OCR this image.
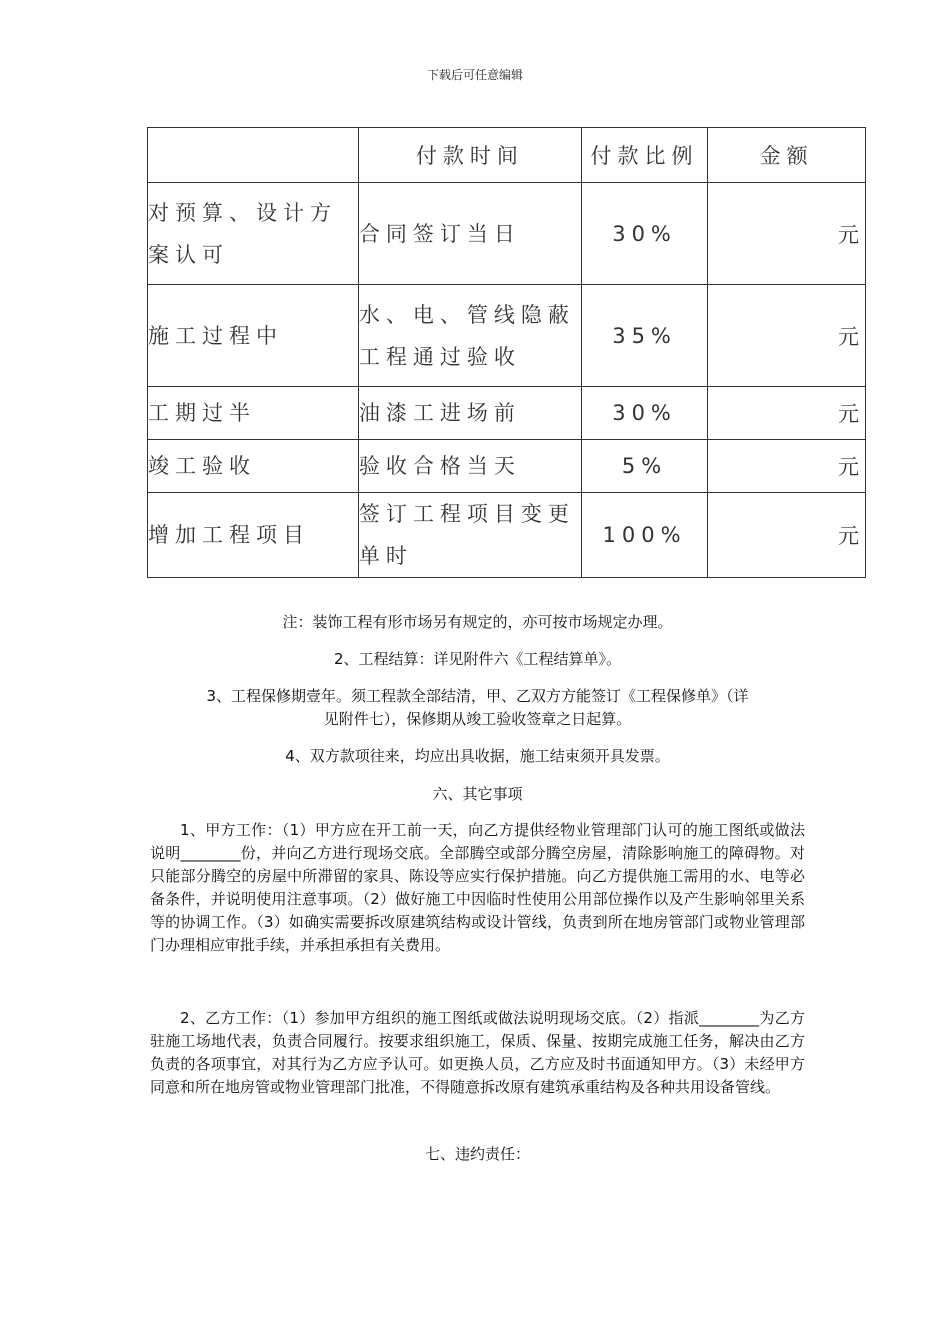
下载后可任意编辑
	付款时间	付款比例	金额
对预算、设计方案认可	合同签订当日	30%	元
施工过程中	水、电、管线隐蔽工程通过验收	35%	元
工期过半	油漆工进场前	30%	元
竣工验收	验收合格当天	5%	元
增加工程项目	签订工程项目变更单时	100%	元
注：装饰工程有形市场另有规定的，亦可按市场规定办理。
2、工程结算：详见附件六《工程结算单》。
3、工程保修期壹年。须工程款全部结清，甲、乙双方方能签订《工程保修单》（详
见附件七），保修期从竣工验收签章之日起算。
4、双方款项往来，均应出具收据，施工结束须开具发票。
六、其它事项
1、甲方工作：（1）甲方应在开工前一天，向乙方提供经物业管理部门认可的施工图纸或做法说明________份，并向乙方进行现场交底。全部腾空或部分腾空房屋，清除影响施工的障碍物。对只能部分腾空的房屋中所滞留的家具、陈设等应实行保护措施。向乙方提供施工需用的水、电等必备条件，并说明使用注意事项。（2）做好施工中因临时性使用公用部位操作以及产生影响邻里关系等的协调工作。（3）如确实需要拆改原建筑结构或设计管线，负责到所在地房管部门或物业管理部门办理相应审批手续，并承担承担有关费用。
2、乙方工作：（1）参加甲方组织的施工图纸或做法说明现场交底。（2）指派________为乙方驻施工场地代表，负责合同履行。按要求组织施工，保质、保量、按期完成施工任务，解决由乙方负责的各项事宜，对其行为乙方应予认可。如更换人员，乙方应及时书面通知甲方。（3）未经甲方同意和所在地房管或物业管理部门批准，不得随意拆改原有建筑承重结构及各种共用设备管线。
七、违约责任：
